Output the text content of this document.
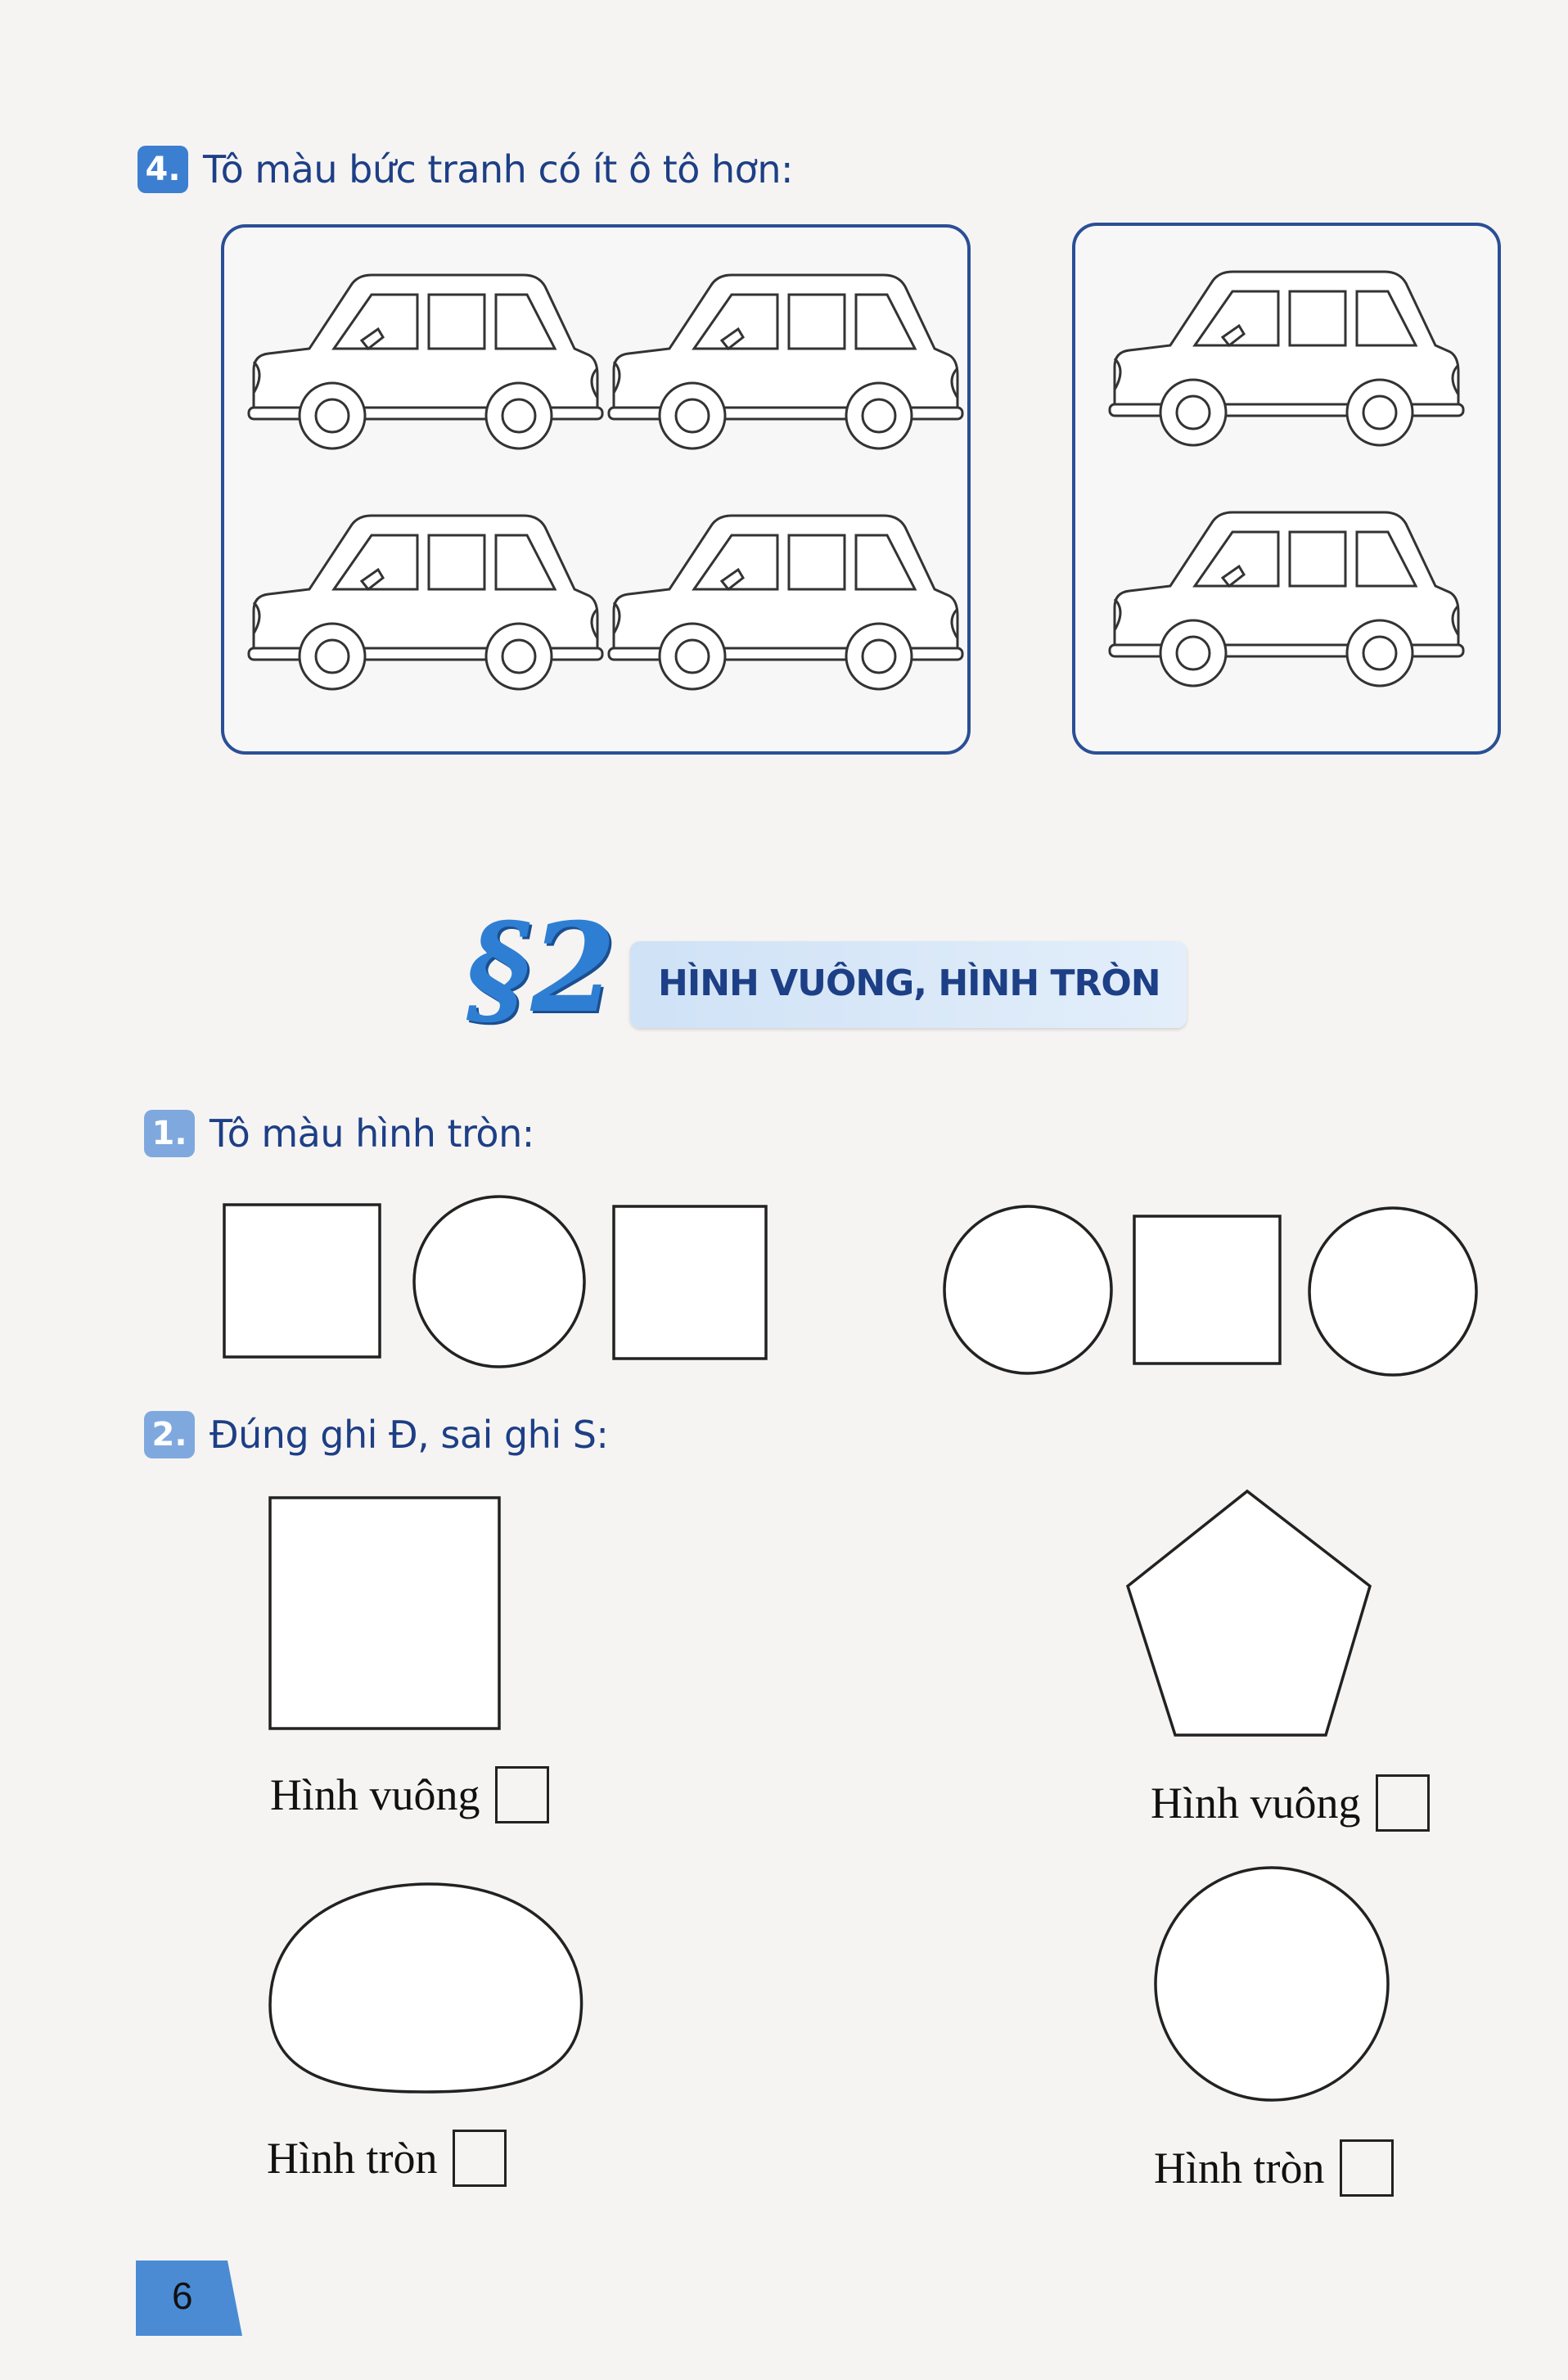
4. Tô màu bức tranh có ít ô tô hơn:
HÌNH VUÔNG, HÌNH TRÒN
§2
1. Tô màu hình tròn:
2. Đúng ghi Đ, sai ghi S:
Hình vuông	Hình vuông
Hình tròn	Hình tròn
6
